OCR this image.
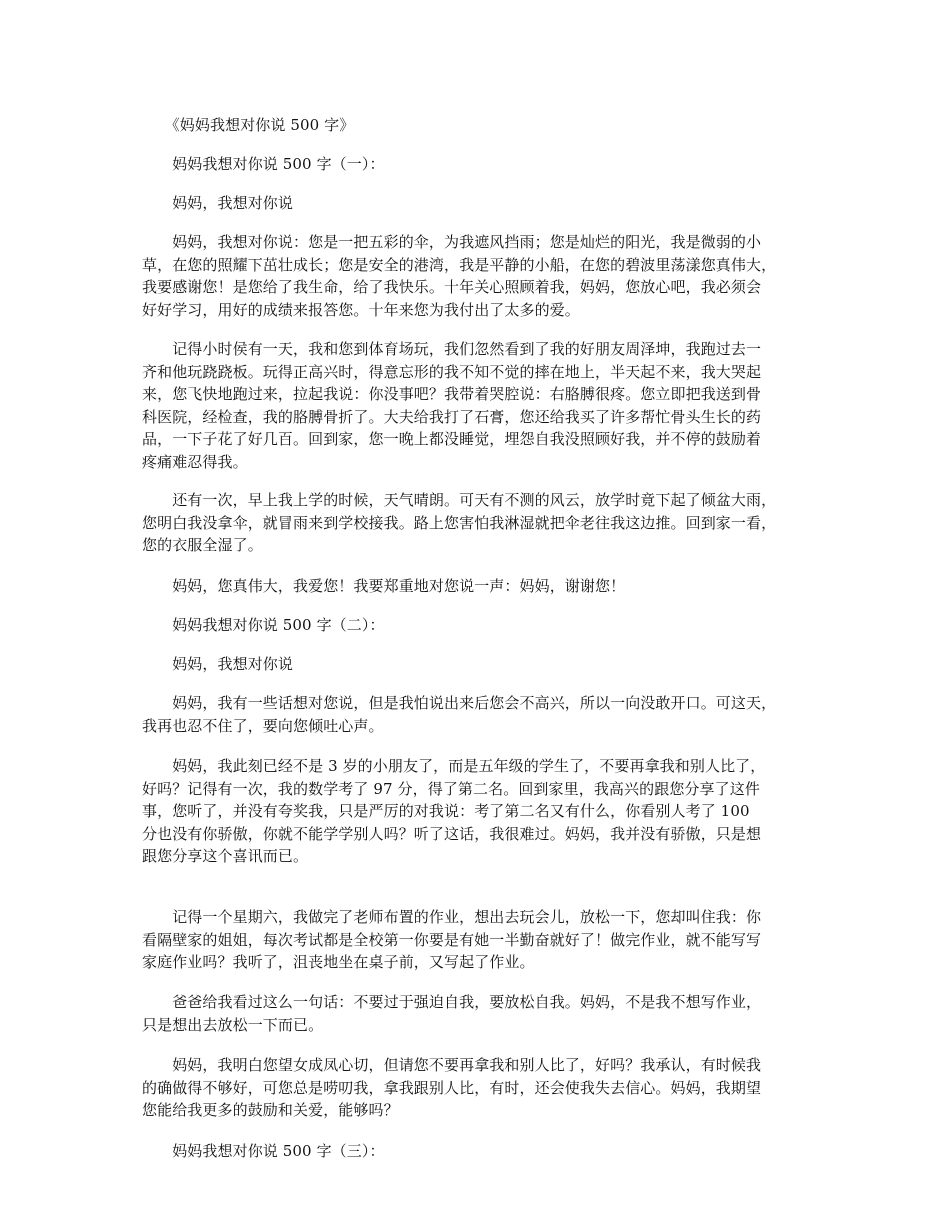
　　《妈妈我想对你说 500 字》

　　妈妈我想对你说 500 字（一）：

　　妈妈，我想对你说

　　妈妈，我想对你说：您是一把五彩的伞，为我遮风挡雨；您是灿烂的阳光，我是微弱的小
草，在您的照耀下茁壮成长；您是安全的港湾，我是平静的小船，在您的碧波里荡漾您真伟大，
我要感谢您！是您给了我生命，给了我快乐。十年关心照顾着我，妈妈，您放心吧，我必须会
好好学习，用好的成绩来报答您。十年来您为我付出了太多的爱。

　　记得小时侯有一天，我和您到体育场玩，我们忽然看到了我的好朋友周泽坤，我跑过去一
齐和他玩跷跷板。玩得正高兴时，得意忘形的我不知不觉的摔在地上，半天起不来，我大哭起
来，您飞快地跑过来，拉起我说：你没事吧？我带着哭腔说：右胳膊很疼。您立即把我送到骨
科医院，经检查，我的胳膊骨折了。大夫给我打了石膏，您还给我买了许多帮忙骨头生长的药
品，一下子花了好几百。回到家，您一晚上都没睡觉，埋怨自我没照顾好我，并不停的鼓励着
疼痛难忍得我。

　　还有一次，早上我上学的时候，天气晴朗。可天有不测的风云，放学时竟下起了倾盆大雨，
您明白我没拿伞，就冒雨来到学校接我。路上您害怕我淋湿就把伞老往我这边推。回到家一看，
您的衣服全湿了。

　　妈妈，您真伟大，我爱您！我要郑重地对您说一声：妈妈，谢谢您！

　　妈妈我想对你说 500 字（二）：

　　妈妈，我想对你说

　　妈妈，我有一些话想对您说，但是我怕说出来后您会不高兴，所以一向没敢开口。可这天，
我再也忍不住了，要向您倾吐心声。

　　妈妈，我此刻已经不是 3 岁的小朋友了，而是五年级的学生了，不要再拿我和别人比了，
好吗？记得有一次，我的数学考了 97 分，得了第二名。回到家里，我高兴的跟您分享了这件
事，您听了，并没有夸奖我，只是严厉的对我说：考了第二名又有什么，你看别人考了 100
分也没有你骄傲，你就不能学学别人吗？听了这话，我很难过。妈妈，我并没有骄傲，只是想
跟您分享这个喜讯而已。

　　记得一个星期六，我做完了老师布置的作业，想出去玩会儿，放松一下，您却叫住我：你
看隔壁家的姐姐，每次考试都是全校第一你要是有她一半勤奋就好了！做完作业，就不能写写
家庭作业吗？我听了，沮丧地坐在桌子前，又写起了作业。

　　爸爸给我看过这么一句话：不要过于强迫自我，要放松自我。妈妈，不是我不想写作业，
只是想出去放松一下而已。

　　妈妈，我明白您望女成凤心切，但请您不要再拿我和别人比了，好吗？我承认，有时候我
的确做得不够好，可您总是唠叨我，拿我跟别人比，有时，还会使我失去信心。妈妈，我期望
您能给我更多的鼓励和关爱，能够吗？

　　妈妈我想对你说 500 字（三）：
